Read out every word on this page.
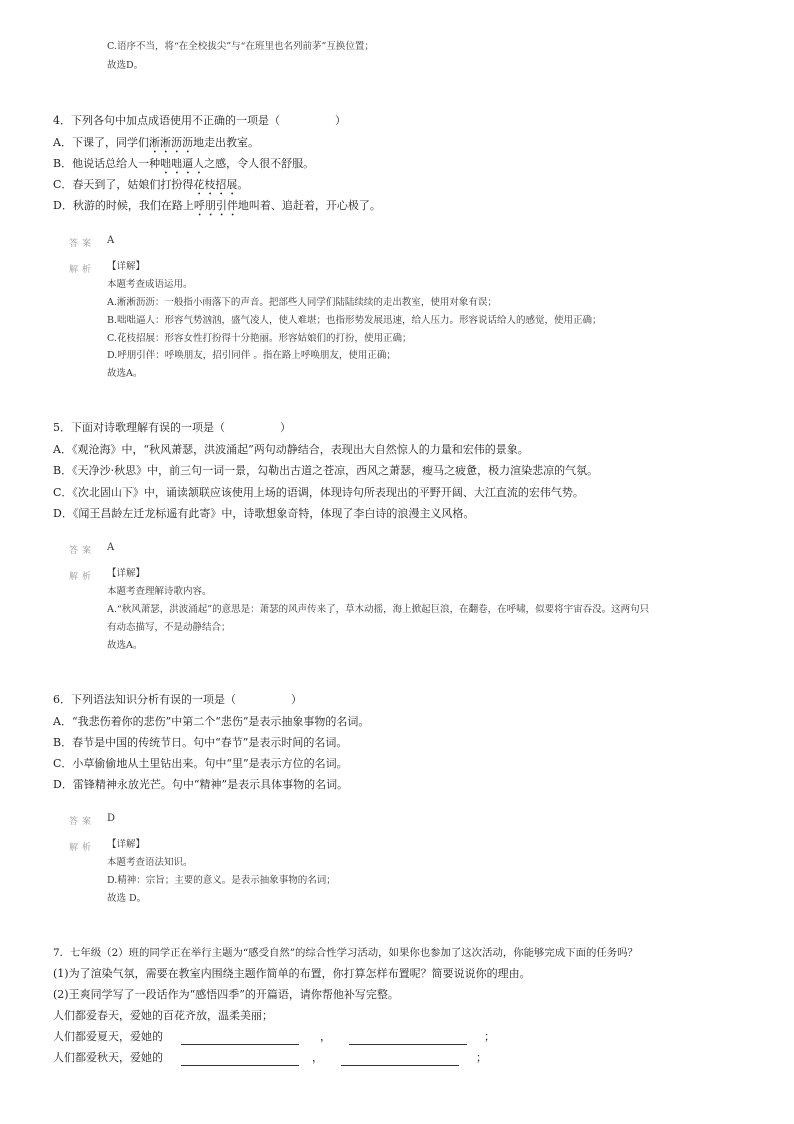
C.语序不当，将“在全校拔尖”与“在班里也名列前茅”互换位置；
故选D。
4．下列各句中加点成语使用不正确的一项是（　　　　　）
A．下课了，同学们淅淅沥沥地走出教室。
B．他说话总给人一种咄咄逼人之感，令人很不舒服。
C．春天到了，姑娘们打扮得花枝招展。
D．秋游的时候，我们在路上呼朋引伴地叫着、追赶着，开心极了。
答案 A
解析 【详解】
本题考查成语运用。
A.淅淅沥沥：一般指小雨落下的声音。把部些人同学们陆陆续续的走出教室，使用对象有误；
B.咄咄逼人：形容气势汹汹，盛气凌人，使人难堪；也指形势发展迅速，给人压力。形容说话给人的感觉，使用正确；
C.花枝招展：形容女性打扮得十分艳丽。形容姑娘们的打扮，使用正确；
D.呼朋引伴：呼唤朋友，招引同伴 。指在路上呼唤朋友，使用正确；
故选A。
5．下面对诗歌理解有误的一项是（　　　　　）
A．《观沧海》中，“秋风萧瑟，洪波涌起”两句动静结合，表现出大自然惊人的力量和宏伟的景象。
B．《天净沙·秋思》中，前三句一词一景，勾勒出古道之苍凉，西风之萧瑟，瘦马之疲惫，极力渲染悲凉的气氛。
C．《次北固山下》中，诵读颔联应该使用上场的语调，体现诗句所表现出的平野开阔、大江直流的宏伟气势。
D．《闻王昌龄左迁龙标遥有此寄》中，诗歌想象奇特，体现了李白诗的浪漫主义风格。
答案 A
解析 【详解】
本题考查理解诗歌内容。
A.“秋风萧瑟，洪波涌起”的意思是：萧瑟的风声传来了，草木动摇，海上掀起巨浪，在翻卷，在呼啸，似要将宇宙吞没。这两句只
有动态描写，不是动静结合；
故选A。
6．下列语法知识分析有误的一项是（　　　　　）
A．“我悲伤着你的悲伤”中第二个“悲伤”是表示抽象事物的名词。
B．春节是中国的传统节日。句中“春节”是表示时间的名词。
C．小草偷偷地从土里钻出来。句中“里”是表示方位的名词。
D．雷锋精神永放光芒。句中“精神”是表示具体事物的名词。
答案 D
解析 【详解】
本题考查语法知识。
D.精神：宗旨；主要的意义。是表示抽象事物的名词；
故选 D。
7．七年级（2）班的同学正在举行主题为“感受自然”的综合性学习活动，如果你也参加了这次活动，你能够完成下面的任务吗？
(1)为了渲染气氛，需要在教室内围绕主题作简单的布置，你打算怎样布置呢？简要说说你的理由。
(2)王爽同学写了一段话作为“感悟四季”的开篇语，请你帮他补写完整。
人们都爱春天，爱她的百花齐放，温柔美丽；
人们都爱夏天，爱她的	，	；
人们都爱秋天，爱她的	，	；
